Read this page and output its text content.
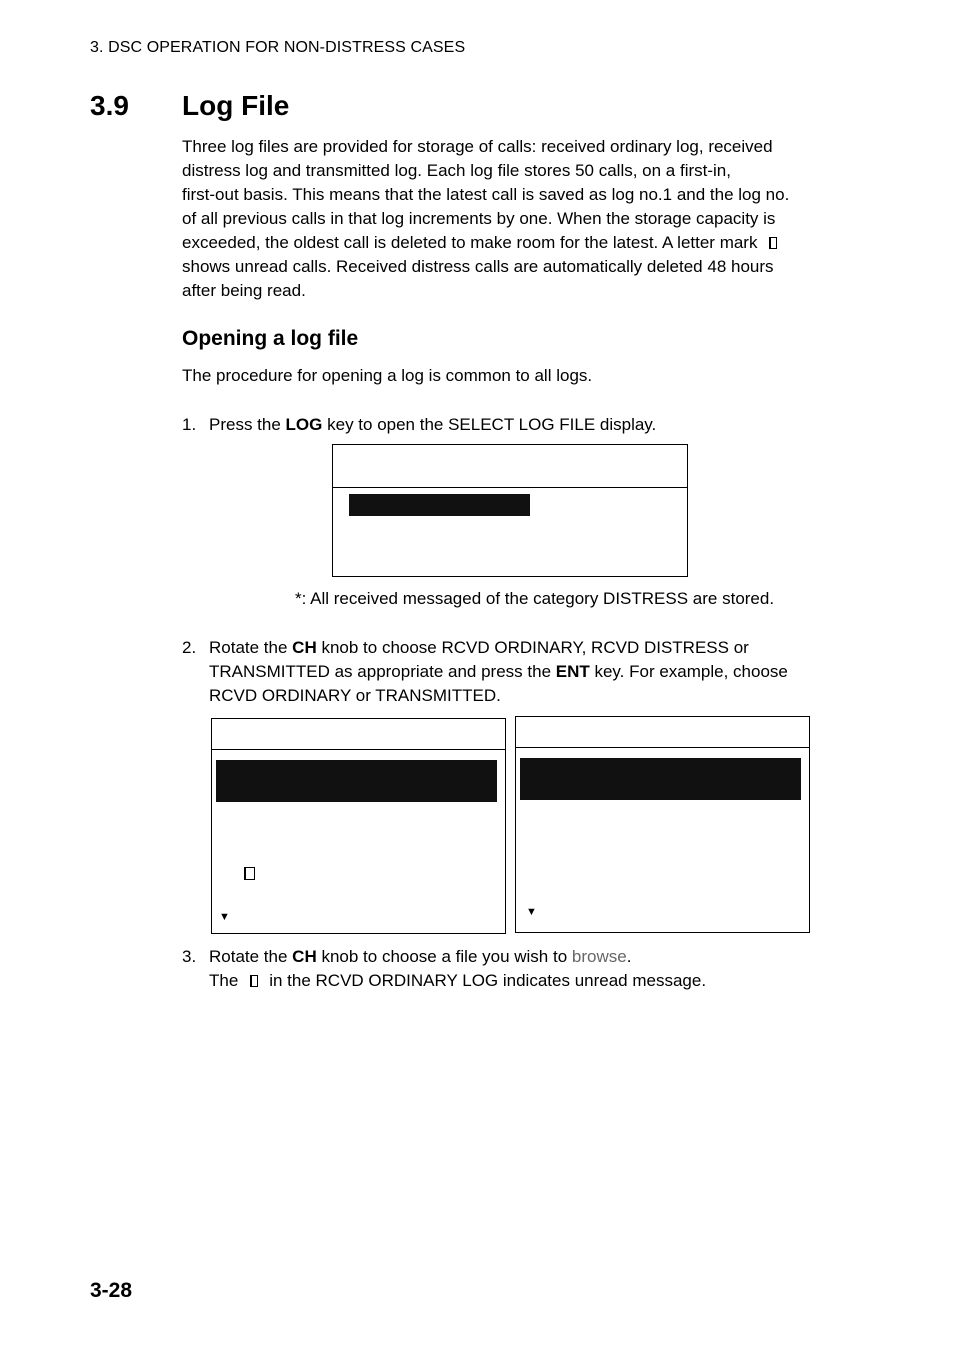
3. DSC OPERATION FOR NON-DISTRESS CASES
3.9 Log File
Three log files are provided for storage of calls: received ordinary log, received
distress log and transmitted log. Each log file stores 50 calls, on a first-in,
first-out basis. This means that the latest call is saved as log no.1 and the log no.
of all previous calls in that log increments by one. When the storage capacity is
exceeded, the oldest call is deleted to make room for the latest. A letter mark
shows unread calls. Received distress calls are automatically deleted 48 hours
after being read.
Opening a log file
The procedure for opening a log is common to all logs.
1. Press the LOG key to open the SELECT LOG FILE display.
*: All received messaged of the category DISTRESS are stored.
2. Rotate the CH knob to choose RCVD ORDINARY, RCVD DISTRESS or
TRANSMITTED as appropriate and press the ENT key. For example, choose
RCVD ORDINARY or TRANSMITTED.
▼	▼
3. Rotate the CH knob to choose a file you wish to browse.
The in the RCVD ORDINARY LOG indicates unread message.
3-28
